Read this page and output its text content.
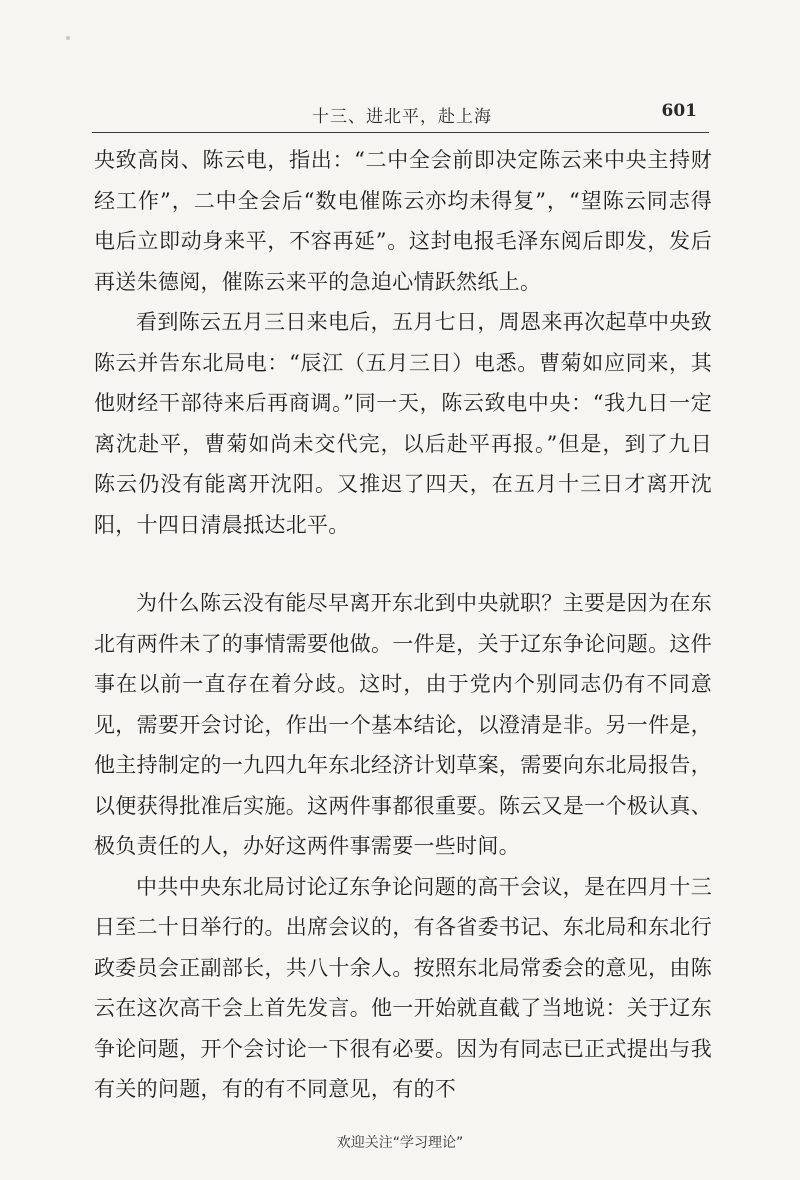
十三、进北平，赴上海	601

央致高岗、陈云电，指出：“二中全会前即决定陈云来中央主持财经工作”，二中全会后“数电催陈云亦均未得复”，“望陈云同志得电后立即动身来平，不容再延”。这封电报毛泽东阅后即发，发后再送朱德阅，催陈云来平的急迫心情跃然纸上。

看到陈云五月三日来电后，五月七日，周恩来再次起草中央致陈云并告东北局电：“辰江（五月三日）电悉。曹菊如应同来，其他财经干部待来后再商调。”同一天，陈云致电中央：“我九日一定离沈赴平，曹菊如尚未交代完，以后赴平再报。”但是，到了九日陈云仍没有能离开沈阳。又推迟了四天，在五月十三日才离开沈阳，十四日清晨抵达北平。

为什么陈云没有能尽早离开东北到中央就职？主要是因为在东北有两件未了的事情需要他做。一件是，关于辽东争论问题。这件事在以前一直存在着分歧。这时，由于党内个别同志仍有不同意见，需要开会讨论，作出一个基本结论，以澄清是非。另一件是，他主持制定的一九四九年东北经济计划草案，需要向东北局报告，以便获得批准后实施。这两件事都很重要。陈云又是一个极认真、极负责任的人，办好这两件事需要一些时间。

中共中央东北局讨论辽东争论问题的高干会议，是在四月十三日至二十日举行的。出席会议的，有各省委书记、东北局和东北行政委员会正副部长，共八十余人。按照东北局常委会的意见，由陈云在这次高干会上首先发言。他一开始就直截了当地说：关于辽东争论问题，开个会讨论一下很有必要。因为有同志已正式提出与我有关的问题，有的有不同意见，有的不

欢迎关注“学习理论”
